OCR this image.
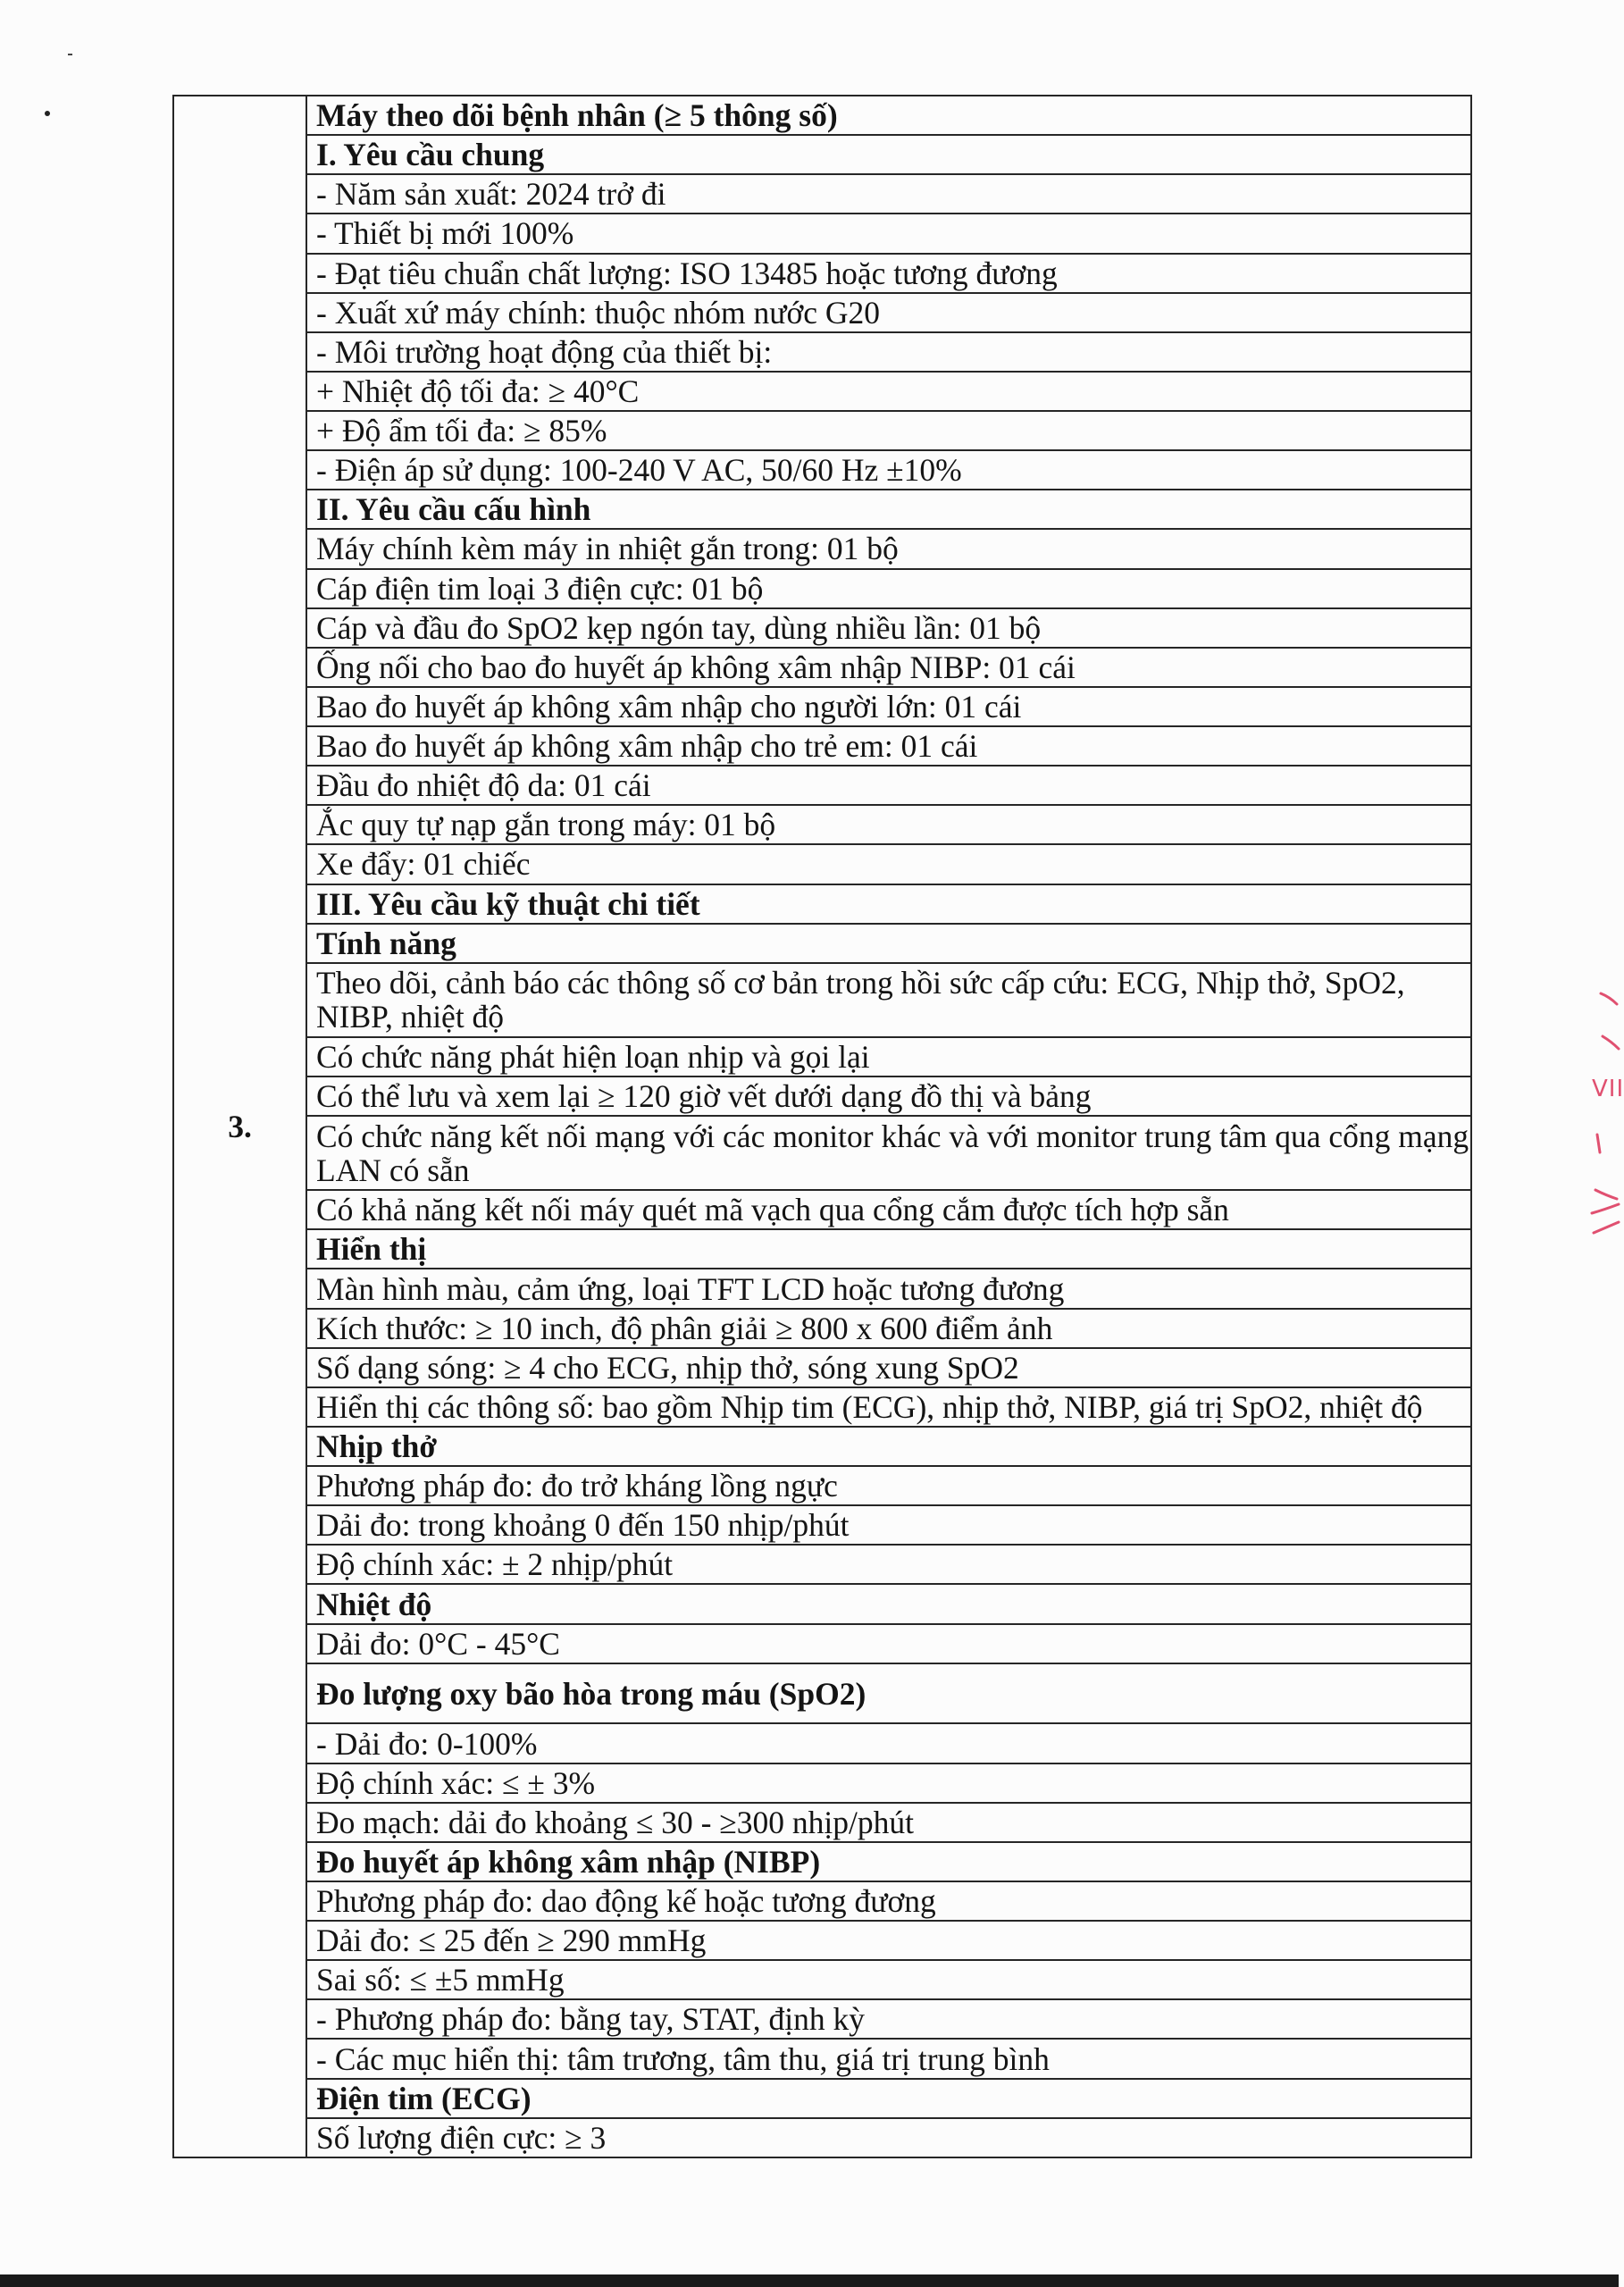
3.	Máy theo dõi bệnh nhân (≥ 5 thông số)
I. Yêu cầu chung
- Năm sản xuất: 2024 trở đi
- Thiết bị mới 100%
- Đạt tiêu chuẩn chất lượng: ISO 13485 hoặc tương đương
- Xuất xứ máy chính: thuộc nhóm nước G20
- Môi trường hoạt động của thiết bị:
+ Nhiệt độ tối đa: ≥ 40°C
+ Độ ẩm tối đa: ≥ 85%
- Điện áp sử dụng: 100-240 V AC, 50/60 Hz ±10%
II. Yêu cầu cấu hình
Máy chính kèm máy in nhiệt gắn trong: 01 bộ
Cáp điện tim loại 3 điện cực: 01 bộ
Cáp và đầu đo SpO2 kẹp ngón tay, dùng nhiều lần: 01 bộ
Ống nối cho bao đo huyết áp không xâm nhập NIBP: 01 cái
Bao đo huyết áp không xâm nhập cho người lớn: 01 cái
Bao đo huyết áp không xâm nhập cho trẻ em: 01 cái
Đầu đo nhiệt độ da: 01 cái
Ắc quy tự nạp gắn trong máy: 01 bộ
Xe đẩy: 01 chiếc
III. Yêu cầu kỹ thuật chi tiết
Tính năng
Theo dõi, cảnh báo các thông số cơ bản trong hồi sức cấp cứu: ECG, Nhịp thở, SpO2, NIBP, nhiệt độ
Có chức năng phát hiện loạn nhịp và gọi lại
Có thể lưu và xem lại ≥ 120 giờ vết dưới dạng đồ thị và bảng
Có chức năng kết nối mạng với các monitor khác và với monitor trung tâm qua cổng mạng LAN có sẵn
Có khả năng kết nối máy quét mã vạch qua cổng cắm được tích hợp sẵn
Hiển thị
Màn hình màu, cảm ứng, loại TFT LCD hoặc tương đương
Kích thước: ≥ 10 inch, độ phân giải ≥ 800 x 600 điểm ảnh
Số dạng sóng: ≥ 4 cho ECG, nhịp thở, sóng xung SpO2
Hiển thị các thông số: bao gồm Nhịp tim (ECG), nhịp thở, NIBP, giá trị SpO2, nhiệt độ
Nhịp thở
Phương pháp đo: đo trở kháng lồng ngực
Dải đo: trong khoảng 0 đến 150 nhịp/phút
Độ chính xác: ± 2 nhịp/phút
Nhiệt độ
Dải đo: 0°C - 45°C
Đo lượng oxy bão hòa trong máu (SpO2)
- Dải đo: 0-100%
Độ chính xác: ≤ ± 3%
Đo mạch: dải đo khoảng ≤ 30 - ≥300 nhịp/phút
Đo huyết áp không xâm nhập (NIBP)
Phương pháp đo: dao động kế hoặc tương đương
Dải đo: ≤ 25 đến ≥ 290 mmHg
Sai số: ≤ ±5 mmHg
- Phương pháp đo: bằng tay, STAT, định kỳ
- Các mục hiển thị: tâm trương, tâm thu, giá trị trung bình
Điện tim (ECG)
Số lượng điện cực: ≥ 3
VII
